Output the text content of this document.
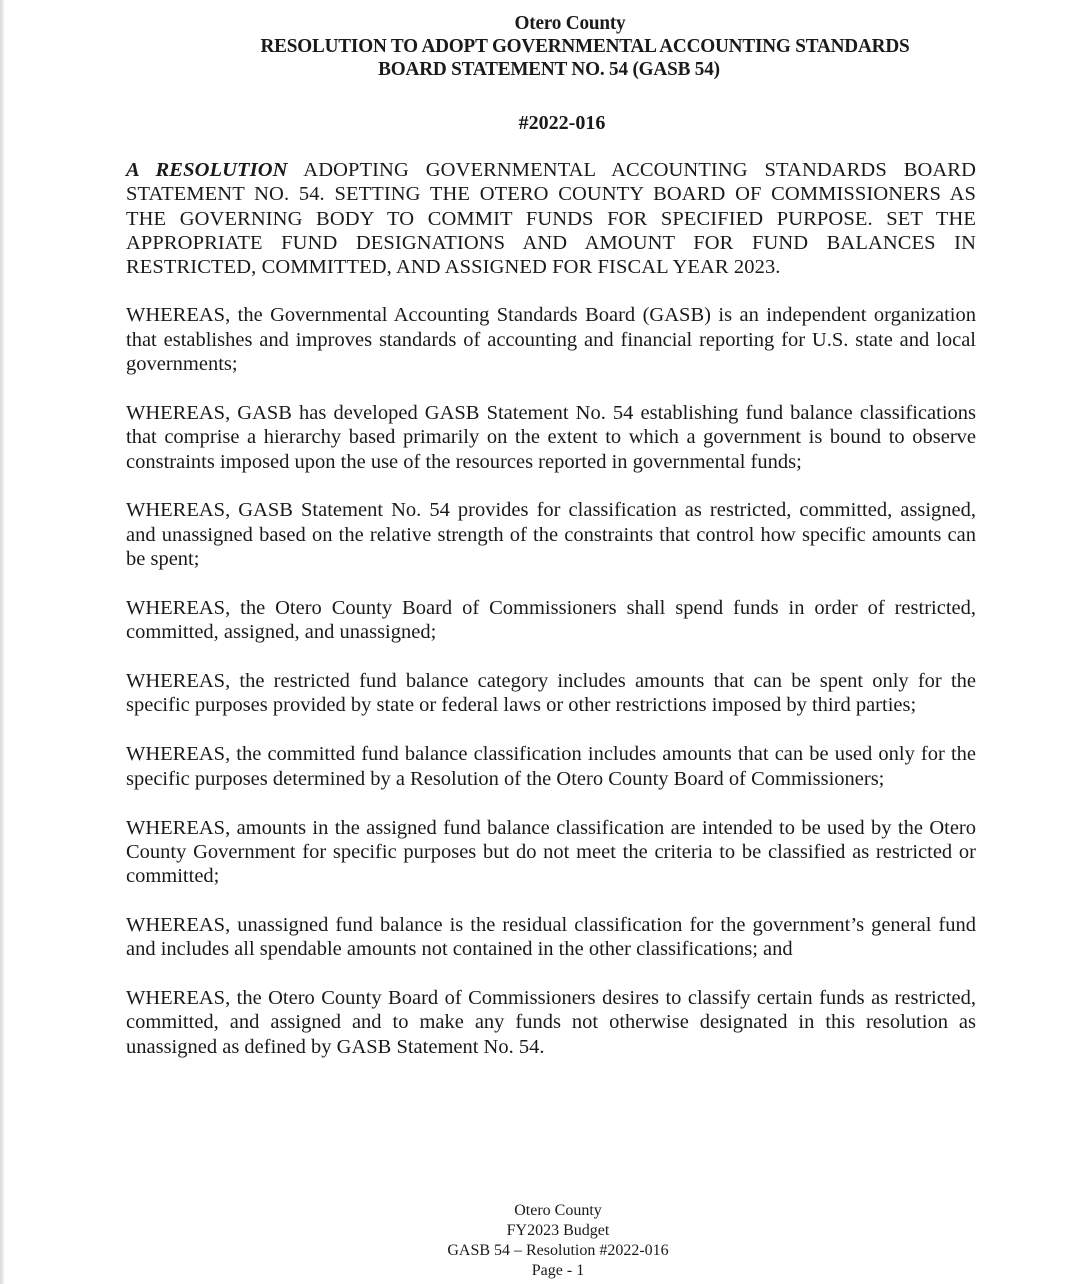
Otero County
RESOLUTION TO ADOPT GOVERNMENTAL ACCOUNTING STANDARDS
BOARD STATEMENT NO. 54 (GASB 54)
#2022-016

A RESOLUTION ADOPTING GOVERNMENTAL ACCOUNTING STANDARDS BOARD STATEMENT NO. 54. SETTING THE OTERO COUNTY BOARD OF COMMISSIONERS AS THE GOVERNING BODY TO COMMIT FUNDS FOR SPECIFIED PURPOSE. SET THE APPROPRIATE FUND DESIGNATIONS AND AMOUNT FOR FUND BALANCES IN RESTRICTED, COMMITTED, AND ASSIGNED FOR FISCAL YEAR 2023.

WHEREAS, the Governmental Accounting Standards Board (GASB) is an independent organization that establishes and improves standards of accounting and financial reporting for U.S. state and local governments;

WHEREAS, GASB has developed GASB Statement No. 54 establishing fund balance classifications that comprise a hierarchy based primarily on the extent to which a government is bound to observe constraints imposed upon the use of the resources reported in governmental funds;

WHEREAS, GASB Statement No. 54 provides for classification as restricted, committed, assigned, and unassigned based on the relative strength of the constraints that control how specific amounts can be spent;

WHEREAS, the Otero County Board of Commissioners shall spend funds in order of restricted, committed, assigned, and unassigned;

WHEREAS, the restricted fund balance category includes amounts that can be spent only for the specific purposes provided by state or federal laws or other restrictions imposed by third parties;

WHEREAS, the committed fund balance classification includes amounts that can be used only for the specific purposes determined by a Resolution of the Otero County Board of Commissioners;

WHEREAS, amounts in the assigned fund balance classification are intended to be used by the Otero County Government for specific purposes but do not meet the criteria to be classified as restricted or committed;

WHEREAS, unassigned fund balance is the residual classification for the government’s general fund and includes all spendable amounts not contained in the other classifications; and

WHEREAS, the Otero County Board of Commissioners desires to classify certain funds as restricted, committed, and assigned and to make any funds not otherwise designated in this resolution as unassigned as defined by GASB Statement No. 54.

Otero County
FY2023 Budget
GASB 54 – Resolution #2022-016
Page - 1
